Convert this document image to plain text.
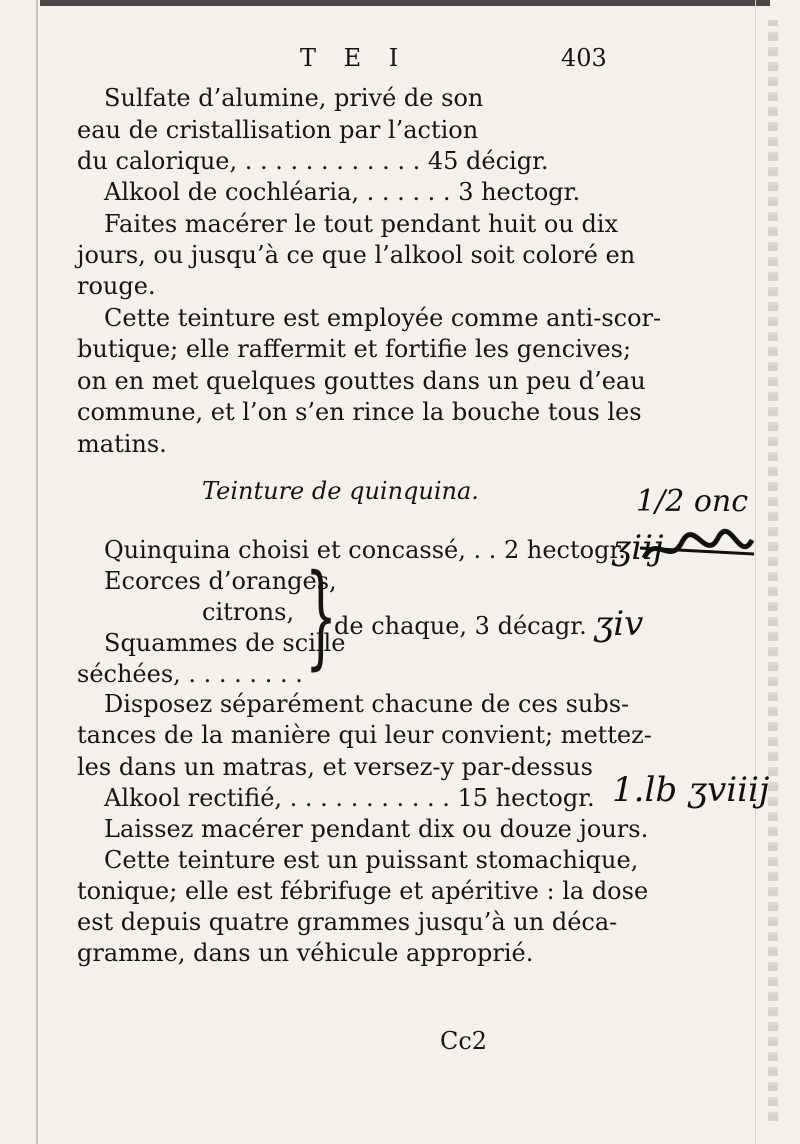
T E I	403
Sulfate d’alumine, privé de son
eau de cristallisation par l’action
du calorique, . . . . . . . . . . . . 45 décigr.
Alkool de cochléaria, . . . . . . 3 hectogr.
Faites macérer le tout pendant huit ou dix
jours, ou jusqu’à ce que l’alkool soit coloré en
rouge.
Cette teinture est employée comme anti-scor-
butique; elle raffermit et fortifie les gencives;
on en met quelques gouttes dans un peu d’eau
commune, et l’on s’en rince la bouche tous les
matins.
Teinture de quinquina.
Quinquina choisi et concassé, . . 2 hectogr.
Ecorces d’oranges,
citrons,
Squammes de scille
séchées, . . . . . . . . }
de chaque, 3 décagr.
Disposez séparément chacune de ces subs-
tances de la manière qui leur convient; mettez-
les dans un matras, et versez-y par-dessus
Alkool rectifié, . . . . . . . . . . . 15 hectogr.
Laissez macérer pendant dix ou douze jours.
Cette teinture est un puissant stomachique,
tonique; elle est fébrifuge et apéritive : la dose
est depuis quatre grammes jusqu’à un déca-
gramme, dans un véhicule approprié.
Cc2
1/2 onc
ʒiij
ʒiv
1.lb ʒviiij
